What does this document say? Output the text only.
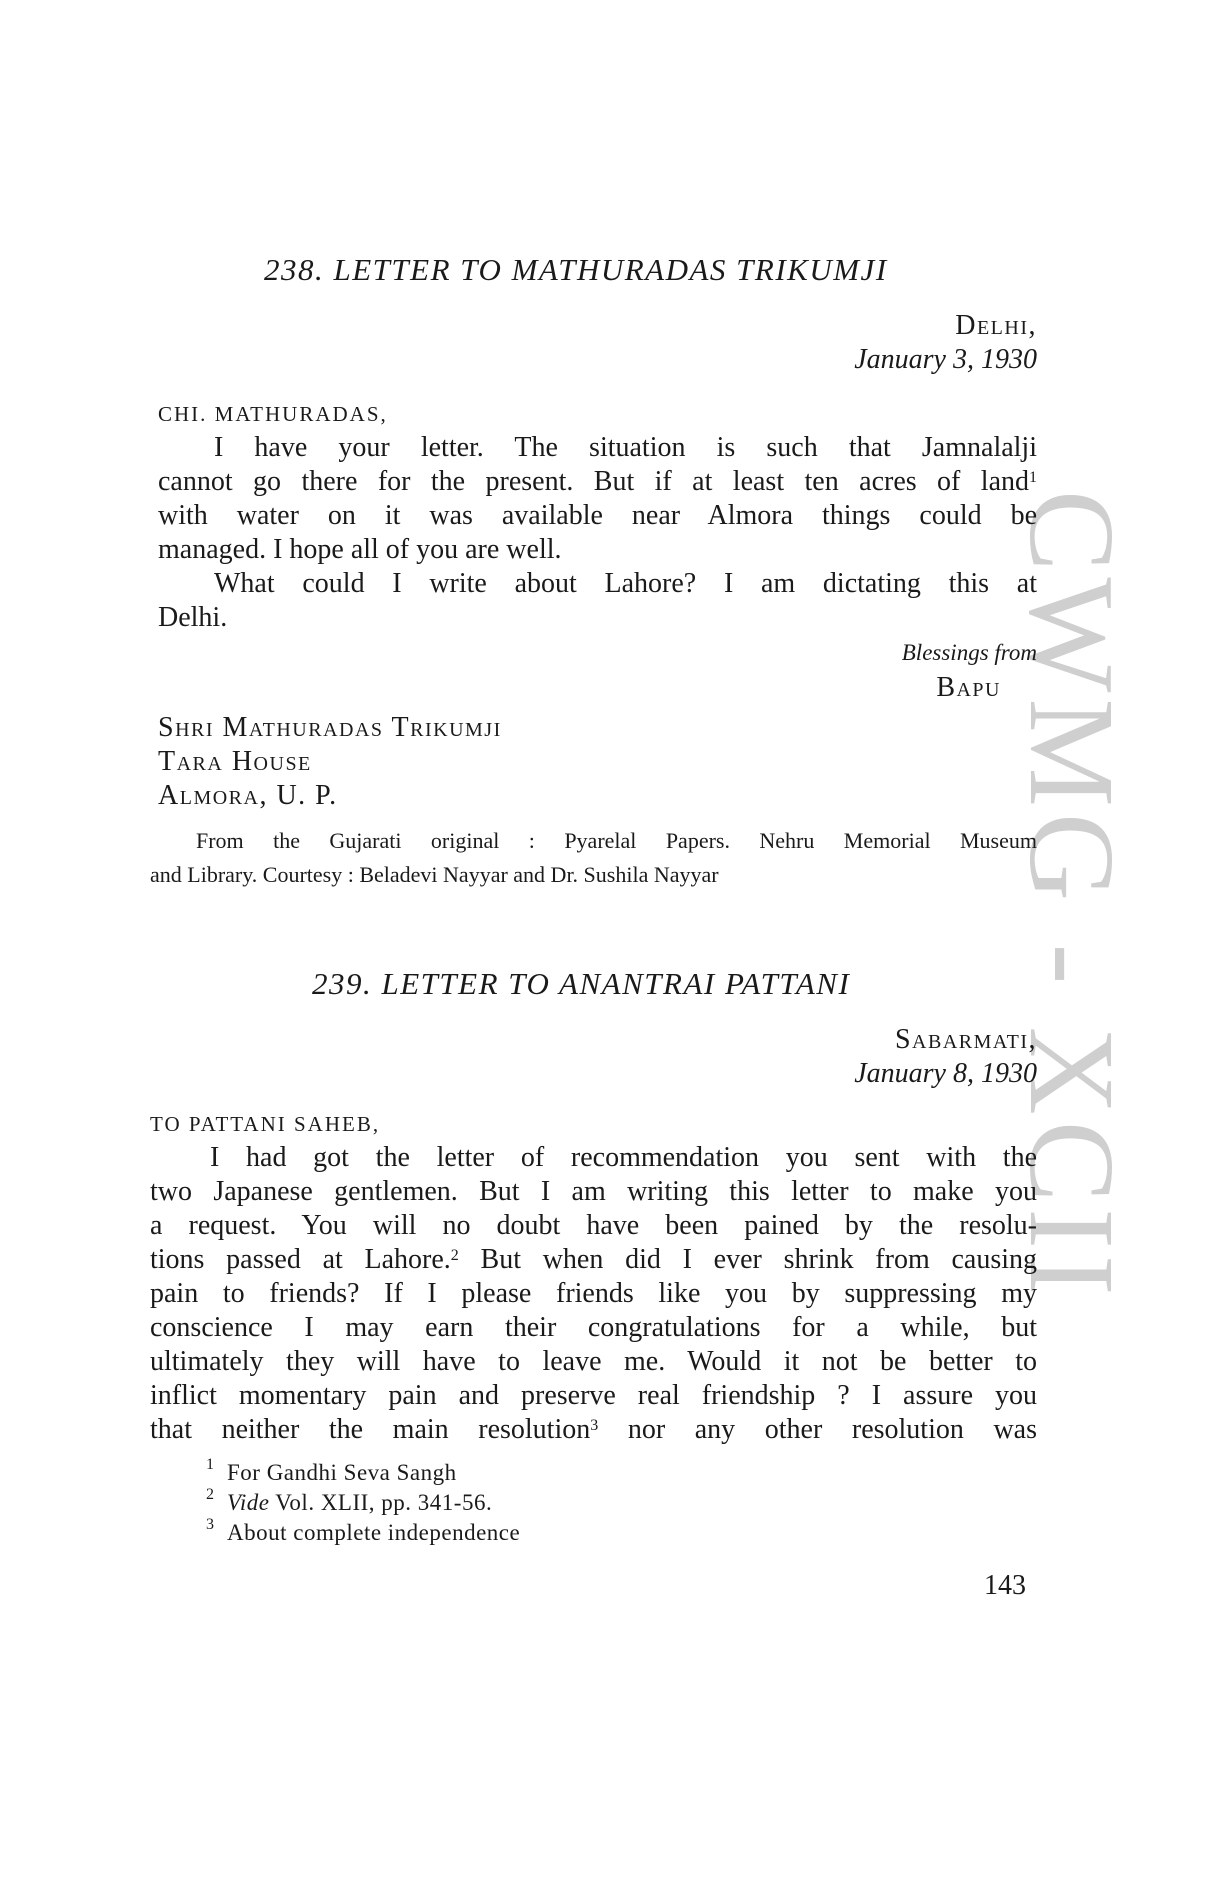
CWMG - XCII
238. LETTER TO MATHURADAS TRIKUMJI
Delhi,
January 3, 1930
CHI. MATHURADAS,
I have your letter. The situation is such that Jamnalalji
cannot go there for the present. But if at least ten acres of land$^1$
with water on it was available near Almora things could be
managed. I hope all of you are well.
What could I write about Lahore? I am dictating this at
Delhi.
Blessings from
Bapu
Shri Mathuradas Trikumji
Tara House
Almora, U. P.
From the Gujarati original : Pyarelal Papers. Nehru Memorial Museum
and Library. Courtesy : Beladevi Nayyar and Dr. Sushila Nayyar
239. LETTER TO ANANTRAI PATTANI
Sabarmati,
January 8, 1930
TO PATTANI SAHEB,
I had got the letter of recommendation you sent with the
two Japanese gentlemen. But I am writing this letter to make you
a request. You will no doubt have been pained by the resolu-
tions passed at Lahore.$^2$ But when did I ever shrink from causing
pain to friends? If I please friends like you by suppressing my
conscience I may earn their congratulations for a while, but
ultimately they will have to leave me. Would it not be better to
inflict momentary pain and preserve real friendship ? I assure you
that neither the main resolution$^3$ nor any other resolution was
$^1$ For Gandhi Seva Sangh
$^2$ Vide Vol. XLII, pp. 341-56.
$^3$ About complete independence
143
